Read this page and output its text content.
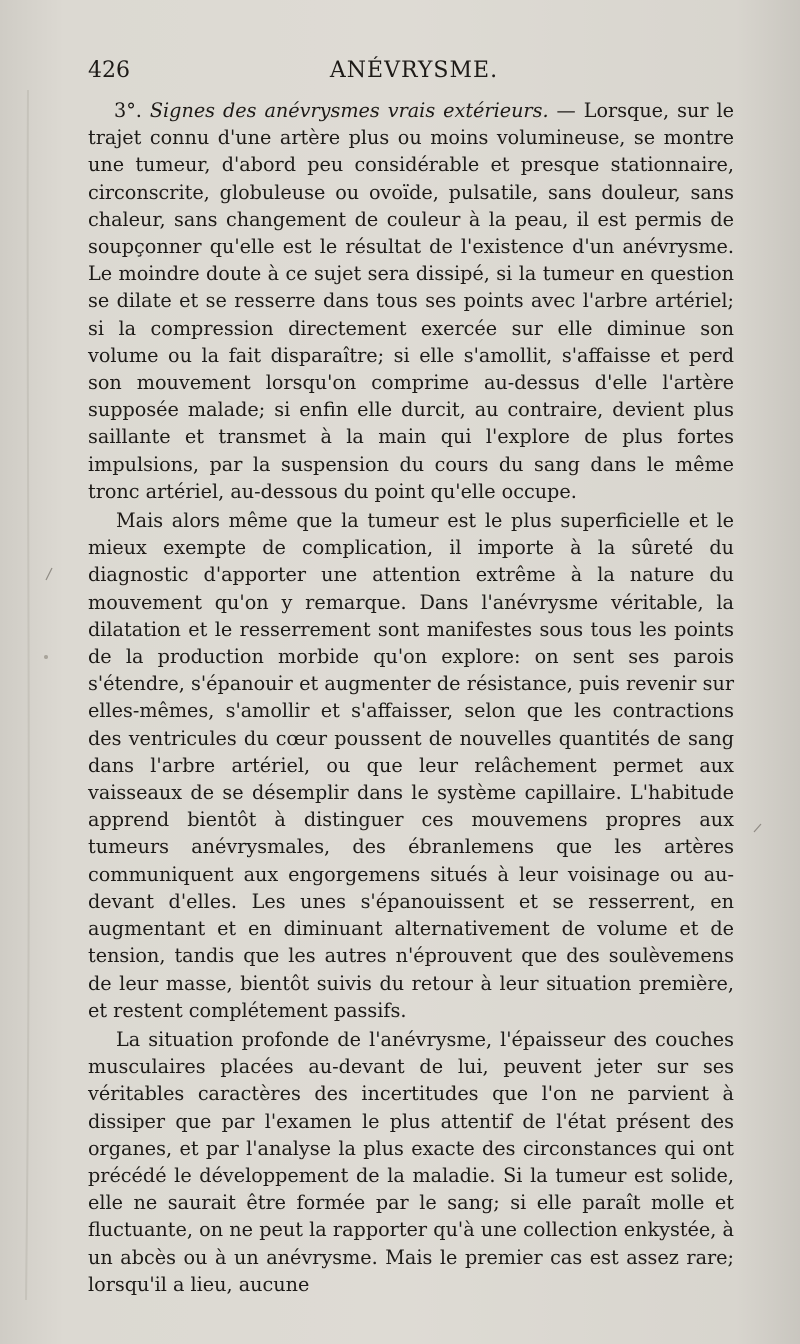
426	ANÉVRYSME.

3°. Signes des anévrysmes vrais extérieurs. — Lorsque, sur le trajet connu d'une artère plus ou moins volumineuse, se montre une tumeur, d'abord peu considérable et presque stationnaire, circonscrite, globuleuse ou ovoïde, pulsatile, sans douleur, sans chaleur, sans changement de couleur à la peau, il est permis de soupçonner qu'elle est le résultat de l'existence d'un anévrysme. Le moindre doute à ce sujet sera dissipé, si la tumeur en question se dilate et se resserre dans tous ses points avec l'arbre artériel; si la compression directement exercée sur elle diminue son volume ou la fait disparaître; si elle s'amollit, s'affaisse et perd son mouvement lorsqu'on comprime au-dessus d'elle l'artère supposée malade; si enfin elle durcit, au contraire, devient plus saillante et transmet à la main qui l'explore de plus fortes impulsions, par la suspension du cours du sang dans le même tronc artériel, au-dessous du point qu'elle occupe.

Mais alors même que la tumeur est le plus superficielle et le mieux exempte de complication, il importe à la sûreté du diagnostic d'apporter une attention extrême à la nature du mouvement qu'on y remarque. Dans l'anévrysme véritable, la dilatation et le resserrement sont manifestes sous tous les points de la production morbide qu'on explore: on sent ses parois s'étendre, s'épanouir et augmenter de résistance, puis revenir sur elles-mêmes, s'amollir et s'affaisser, selon que les contractions des ventricules du cœur poussent de nouvelles quantités de sang dans l'arbre artériel, ou que leur relâchement permet aux vaisseaux de se désemplir dans le système capillaire. L'habitude apprend bientôt à distinguer ces mouvemens propres aux tumeurs anévrysmales, des ébranlemens que les artères communiquent aux engorgemens situés à leur voisinage ou au-devant d'elles. Les unes s'épanouissent et se resserrent, en augmentant et en diminuant alternativement de volume et de tension, tandis que les autres n'éprouvent que des soulèvemens de leur masse, bientôt suivis du retour à leur situation première, et restent complétement passifs.

La situation profonde de l'anévrysme, l'épaisseur des couches musculaires placées au-devant de lui, peuvent jeter sur ses véritables caractères des incertitudes que l'on ne parvient à dissiper que par l'examen le plus attentif de l'état présent des organes, et par l'analyse la plus exacte des circonstances qui ont précédé le développement de la maladie. Si la tumeur est solide, elle ne saurait être formée par le sang; si elle paraît molle et fluctuante, on ne peut la rapporter qu'à une collection enkystée, à un abcès ou à un anévrysme. Mais le premier cas est assez rare; lorsqu'il a lieu, aucune
